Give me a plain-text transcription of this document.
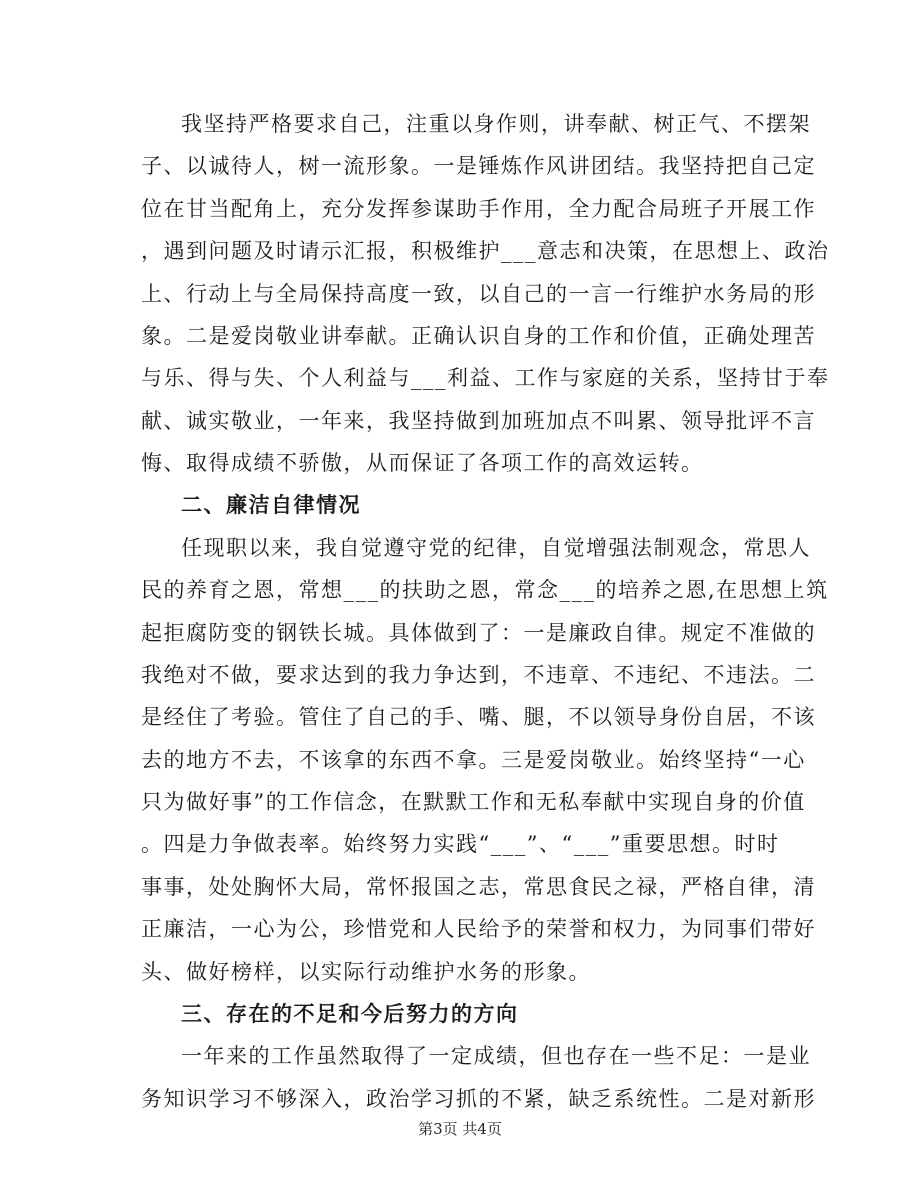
我坚持严格要求自己，注重以身作则，讲奉献、树正气、不摆架
子、以诚待人，树一流形象。一是锤炼作风讲团结。我坚持把自己定
位在甘当配角上，充分发挥参谋助手作用，全力配合局班子开展工作
，遇到问题及时请示汇报，积极维护___意志和决策，在思想上、政治
上、行动上与全局保持高度一致，以自己的一言一行维护水务局的形
象。二是爱岗敬业讲奉献。正确认识自身的工作和价值，正确处理苦
与乐、得与失、个人利益与___利益、工作与家庭的关系，坚持甘于奉
献、诚实敬业，一年来，我坚持做到加班加点不叫累、领导批评不言
悔、取得成绩不骄傲，从而保证了各项工作的高效运转。
二、廉洁自律情况
任现职以来，我自觉遵守党的纪律，自觉增强法制观念，常思人
民的养育之恩，常想___的扶助之恩，常念___的培养之恩,在思想上筑
起拒腐防变的钢铁长城。具体做到了：一是廉政自律。规定不准做的
我绝对不做，要求达到的我力争达到，不违章、不违纪、不违法。二
是经住了考验。管住了自己的手、嘴、腿，不以领导身份自居，不该
去的地方不去，不该拿的东西不拿。三是爱岗敬业。始终坚持“一心
只为做好事”的工作信念，在默默工作和无私奉献中实现自身的价值
。四是力争做表率。始终努力实践“___”、“___”重要思想。时时
事事，处处胸怀大局，常怀报国之志，常思食民之禄，严格自律，清
正廉洁，一心为公，珍惜党和人民给予的荣誉和权力，为同事们带好
头、做好榜样，以实际行动维护水务的形象。
三、存在的不足和今后努力的方向
一年来的工作虽然取得了一定成绩，但也存在一些不足：一是业
务知识学习不够深入，政治学习抓的不紧，缺乏系统性。二是对新形
第3页 共4页
